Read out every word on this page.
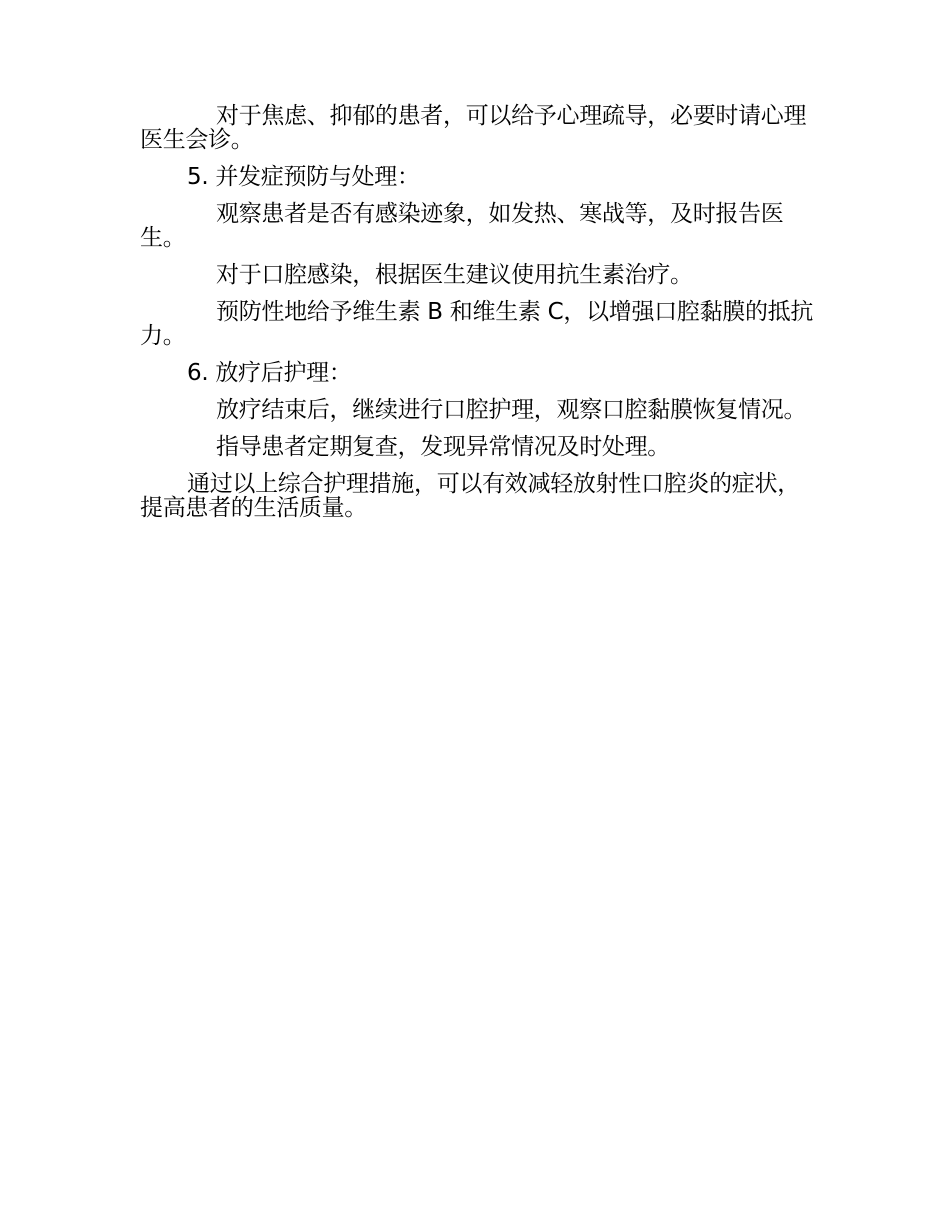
对于焦虑、抑郁的患者，可以给予心理疏导，必要时请心理医生会诊。

5. 并发症预防与处理：

观察患者是否有感染迹象，如发热、寒战等，及时报告医生。

对于口腔感染，根据医生建议使用抗生素治疗。

预防性地给予维生素 B 和维生素 C，以增强口腔黏膜的抵抗力。

6. 放疗后护理：

放疗结束后，继续进行口腔护理，观察口腔黏膜恢复情况。

指导患者定期复查，发现异常情况及时处理。

通过以上综合护理措施，可以有效减轻放射性口腔炎的症状，提高患者的生活质量。
